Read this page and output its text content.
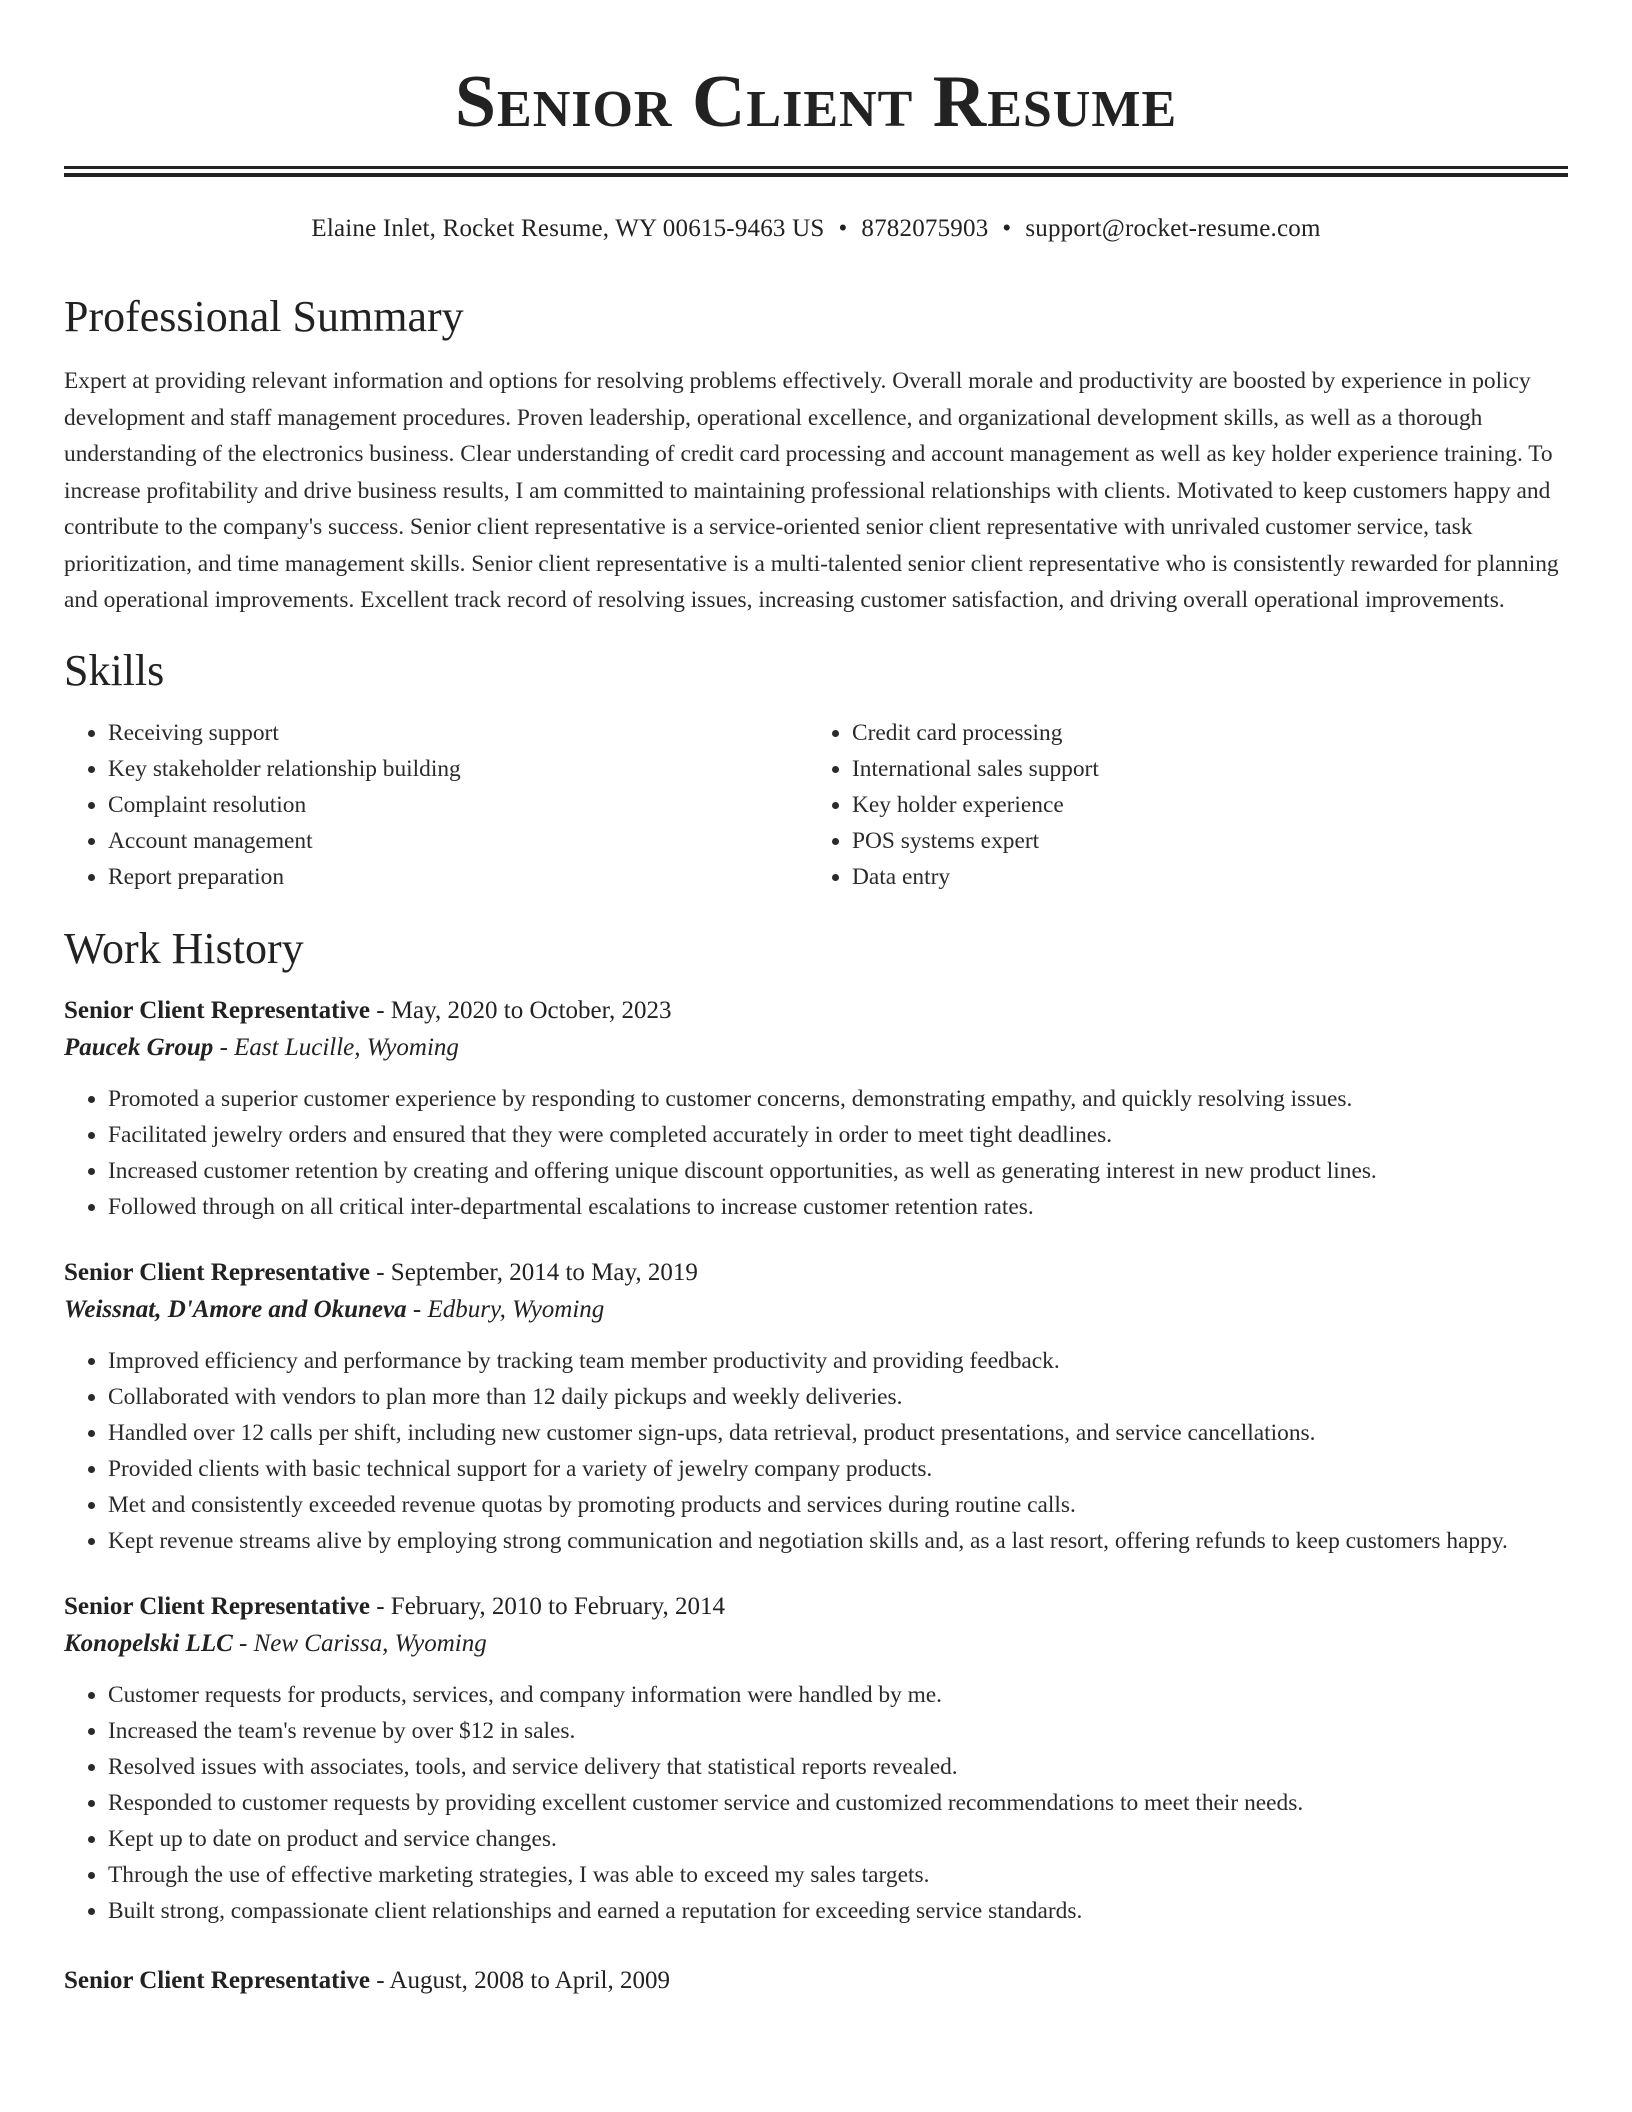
Senior Client Resume
Elaine Inlet, Rocket Resume, WY 00615-9463 US • 8782075903 • support@rocket-resume.com
Professional Summary

Expert at providing relevant information and options for resolving problems effectively. Overall morale and productivity are boosted by experience in policy development and staff management procedures. Proven leadership, operational excellence, and organizational development skills, as well as a thorough understanding of the electronics business. Clear understanding of credit card processing and account management as well as key holder experience training. To increase profitability and drive business results, I am committed to maintaining professional relationships with clients. Motivated to keep customers happy and contribute to the company's success. Senior client representative is a service-oriented senior client representative with unrivaled customer service, task prioritization, and time management skills. Senior client representative is a multi-talented senior client representative who is consistently rewarded for planning and operational improvements. Excellent track record of resolving issues, increasing customer satisfaction, and driving overall operational improvements.

Skills
• Receiving support
• Key stakeholder relationship building
• Complaint resolution
• Account management
• Report preparation
• Credit card processing
• International sales support
• Key holder experience
• POS systems expert
• Data entry
Work History
Senior Client Representative - May, 2020 to October, 2023
Paucek Group - East Lucille, Wyoming
• Promoted a superior customer experience by responding to customer concerns, demonstrating empathy, and quickly resolving issues.
• Facilitated jewelry orders and ensured that they were completed accurately in order to meet tight deadlines.
• Increased customer retention by creating and offering unique discount opportunities, as well as generating interest in new product lines.
• Followed through on all critical inter-departmental escalations to increase customer retention rates.
Senior Client Representative - September, 2014 to May, 2019
Weissnat, D'Amore and Okuneva - Edbury, Wyoming
• Improved efficiency and performance by tracking team member productivity and providing feedback.
• Collaborated with vendors to plan more than 12 daily pickups and weekly deliveries.
• Handled over 12 calls per shift, including new customer sign-ups, data retrieval, product presentations, and service cancellations.
• Provided clients with basic technical support for a variety of jewelry company products.
• Met and consistently exceeded revenue quotas by promoting products and services during routine calls.
• Kept revenue streams alive by employing strong communication and negotiation skills and, as a last resort, offering refunds to keep customers happy.
Senior Client Representative - February, 2010 to February, 2014
Konopelski LLC - New Carissa, Wyoming
• Customer requests for products, services, and company information were handled by me.
• Increased the team's revenue by over $12 in sales.
• Resolved issues with associates, tools, and service delivery that statistical reports revealed.
• Responded to customer requests by providing excellent customer service and customized recommendations to meet their needs.
• Kept up to date on product and service changes.
• Through the use of effective marketing strategies, I was able to exceed my sales targets.
• Built strong, compassionate client relationships and earned a reputation for exceeding service standards.
Senior Client Representative - August, 2008 to April, 2009
